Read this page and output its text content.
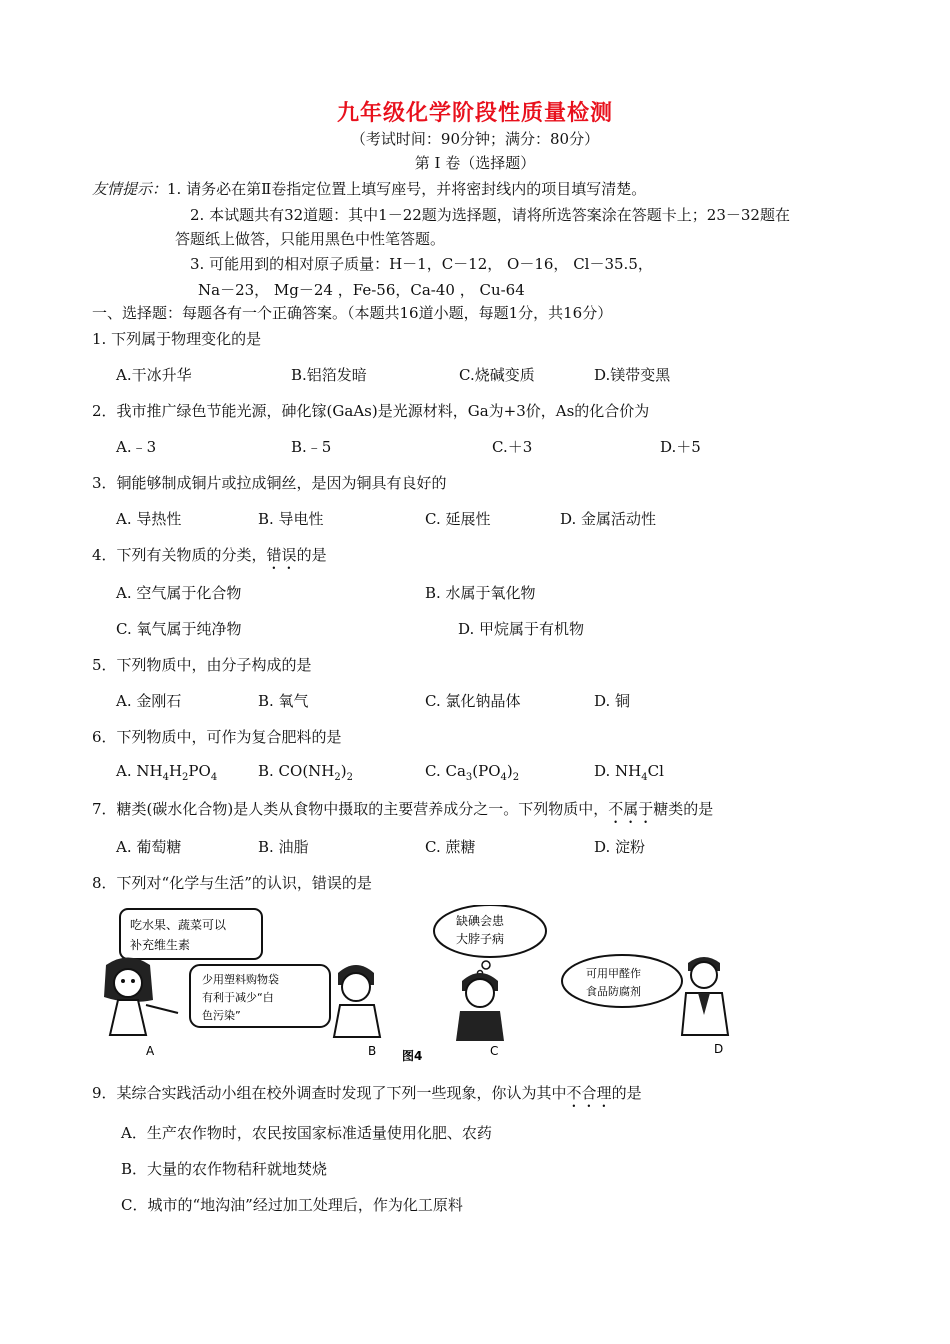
九年级化学阶段性质量检测
（考试时间：90分钟；满分：80分）
第 I 卷（选择题）
友情提示：1. 请务必在第Ⅱ卷指定位置上填写座号，并将密封线内的项目填写清楚。
2. 本试题共有32道题：其中1－22题为选择题，请将所选答案涂在答题卡上；23－32题在
答题纸上做答，只能用黑色中性笔答题。
3. 可能用到的相对原子质量：H－1，C－12， O－16， Cl－35.5，
Na－23， Mg－24 ，Fe-56，Ca-40 ， Cu-64
一、选择题：每题各有一个正确答案。（本题共16道小题，每题1分，共16分）
1. 下列属于物理变化的是
A.干冰升华	B.铝箔发暗	C.烧碱变质	D.镁带变黑
2．我市推广绿色节能光源，砷化镓(GaAs)是光源材料，Ga为+3价，As的化合价为
A.﹣3	B.﹣5	C.＋3	D.＋5
3．铜能够制成铜片或拉成铜丝，是因为铜具有良好的
A. 导热性	B. 导电性	C. 延展性	D. 金属活动性
4．下列有关物质的分类，错误的是
A. 空气属于化合物	B. 水属于氧化物
C. 氧气属于纯净物	D. 甲烷属于有机物
5．下列物质中，由分子构成的是
A. 金刚石	B. 氧气	C. 氯化钠晶体	D. 铜
6．下列物质中，可作为复合肥料的是
A. $NH_4H_2PO_4$	B. $CO(NH_2)_2$	C. $Ca_3(PO_4)_2$	D. $NH_4Cl$
7．糖类(碳水化合物)是人类从食物中摄取的主要营养成分之一。下列物质中，不属于糖类的是
A. 葡萄糖	B. 油脂	C. 蔗糖	D. 淀粉
8．下列对“化学与生活”的认识，错误的是
吃水果、蔬菜可以
补充维生素
少用塑料购物袋
有利于减少“白
色污染”
缺碘会患
大脖子病
可用甲醛作
食品防腐剂
A	B 图4	C	D
9．某综合实践活动小组在校外调查时发现了下列一些现象，你认为其中不合理的是
A．生产农作物时，农民按国家标准适量使用化肥、农药
B．大量的农作物秸秆就地焚烧
C．城市的“地沟油”经过加工处理后，作为化工原料
